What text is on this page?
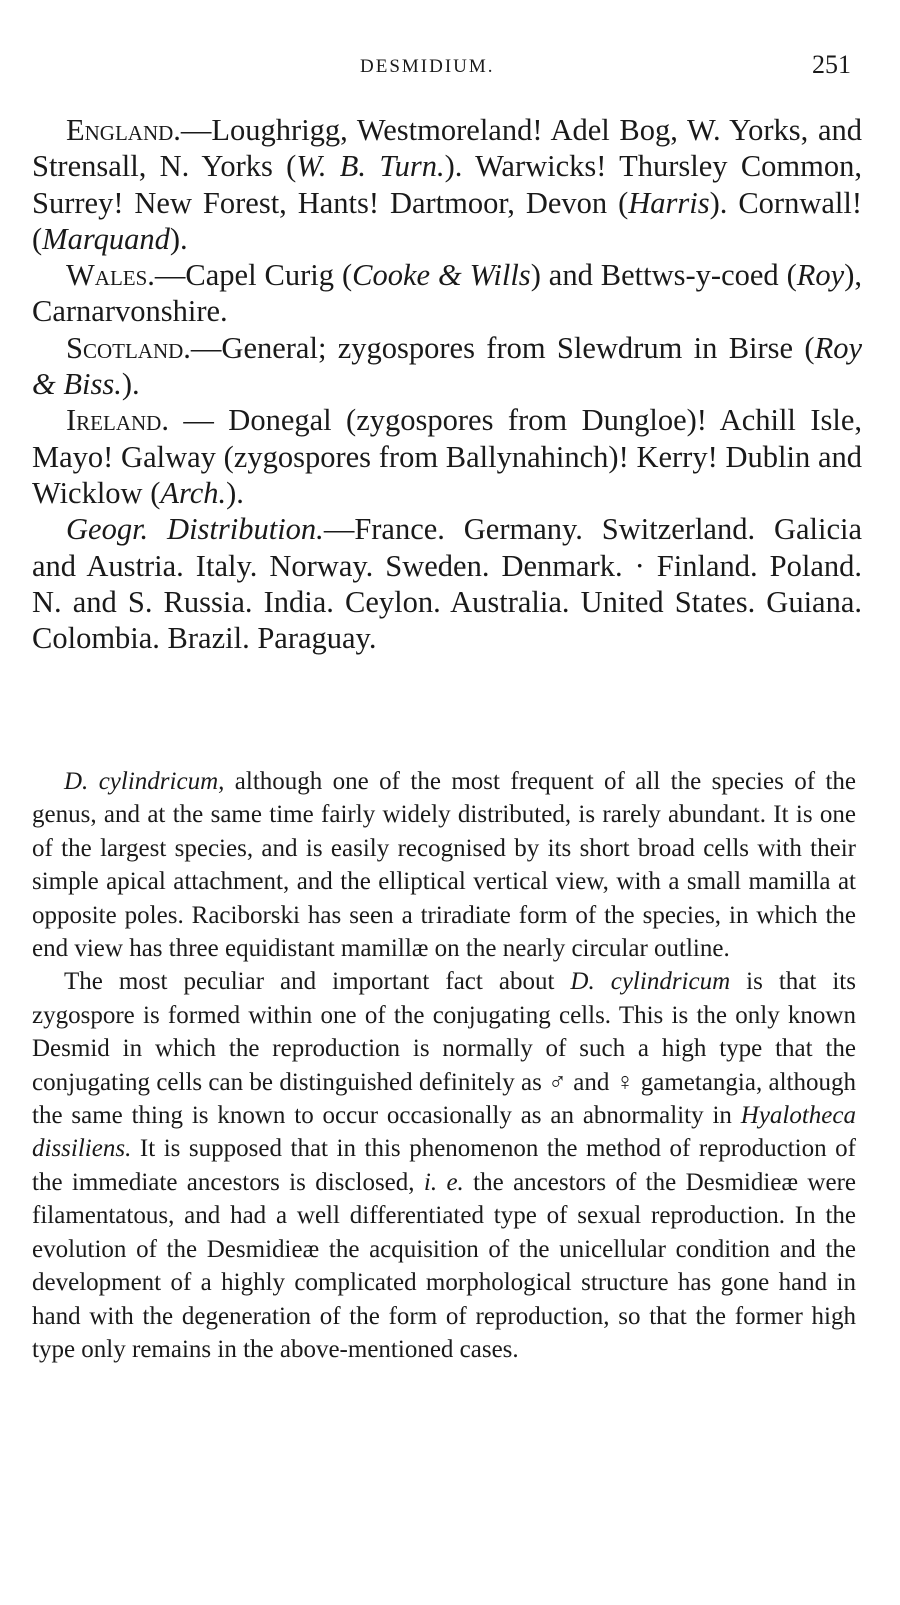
DESMIDIUM.	251

England.—Loughrigg, Westmoreland! Adel Bog, W. Yorks, and Strensall, N. Yorks (W. B. Turn.). Warwicks! Thursley Common, Surrey! New Forest, Hants! Dartmoor, Devon (Harris). Cornwall! (Marquand).

Wales.—Capel Curig (Cooke & Wills) and Bettws-y-coed (Roy), Carnarvonshire.

Scotland.—General; zygospores from Slewdrum in Birse (Roy & Biss.).

Ireland. — Donegal (zygospores from Dungloe)! Achill Isle, Mayo! Galway (zygospores from Ballynahinch)! Kerry! Dublin and Wicklow (Arch.).

Geogr. Distribution.—France. Germany. Switzerland. Galicia and Austria. Italy. Norway. Sweden. Denmark. · Finland. Poland. N. and S. Russia. India. Ceylon. Australia. United States. Guiana. Colombia. Brazil. Paraguay.

D. cylindricum, although one of the most frequent of all the species of the genus, and at the same time fairly widely distributed, is rarely abundant. It is one of the largest species, and is easily recognised by its short broad cells with their simple apical attachment, and the elliptical vertical view, with a small mamilla at opposite poles. Raciborski has seen a triradiate form of the species, in which the end view has three equidistant mamillæ on the nearly circular outline.

The most peculiar and important fact about D. cylindricum is that its zygospore is formed within one of the conjugating cells. This is the only known Desmid in which the reproduction is normally of such a high type that the conjugating cells can be distinguished definitely as ♂ and ♀ gametangia, although the same thing is known to occur occasionally as an abnormality in Hyalotheca dissiliens. It is supposed that in this phenomenon the method of reproduction of the immediate ancestors is disclosed, i. e. the ancestors of the Desmidieæ were filamentatous, and had a well differentiated type of sexual reproduction. In the evolution of the Desmidieæ the acquisition of the unicellular condition and the development of a highly complicated morphological structure has gone hand in hand with the degeneration of the form of reproduction, so that the former high type only remains in the above-mentioned cases.
